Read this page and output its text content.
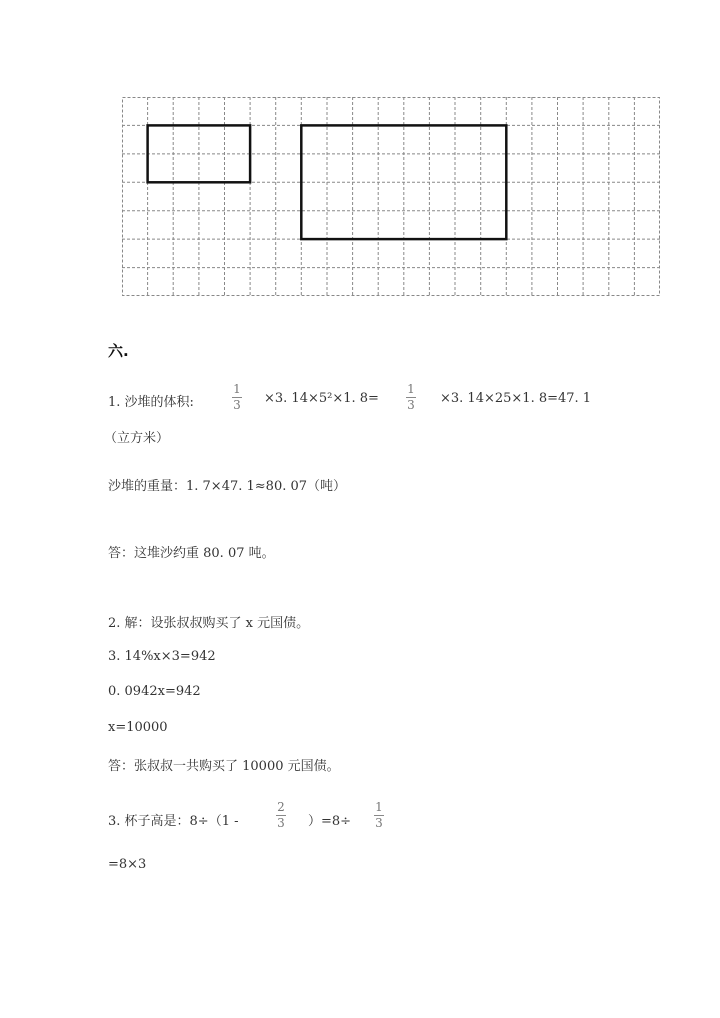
六.
1. 沙堆的体积:
1
3 ×3. 14×5²×1. 8=
1
3 ×3. 14×25×1. 8=47. 1
（立方米）
沙堆的重量：1. 7×47. 1≈80. 07（吨）
答：这堆沙约重 80. 07 吨。
2. 解：设张叔叔购买了 x 元国债。
3. 14%x×3=942
0. 0942x=942
x=10000
答：张叔叔一共购买了 10000 元国债。
3. 杯子高是：8÷（1 -
2
3 ）=8÷
1
3
=8×3
